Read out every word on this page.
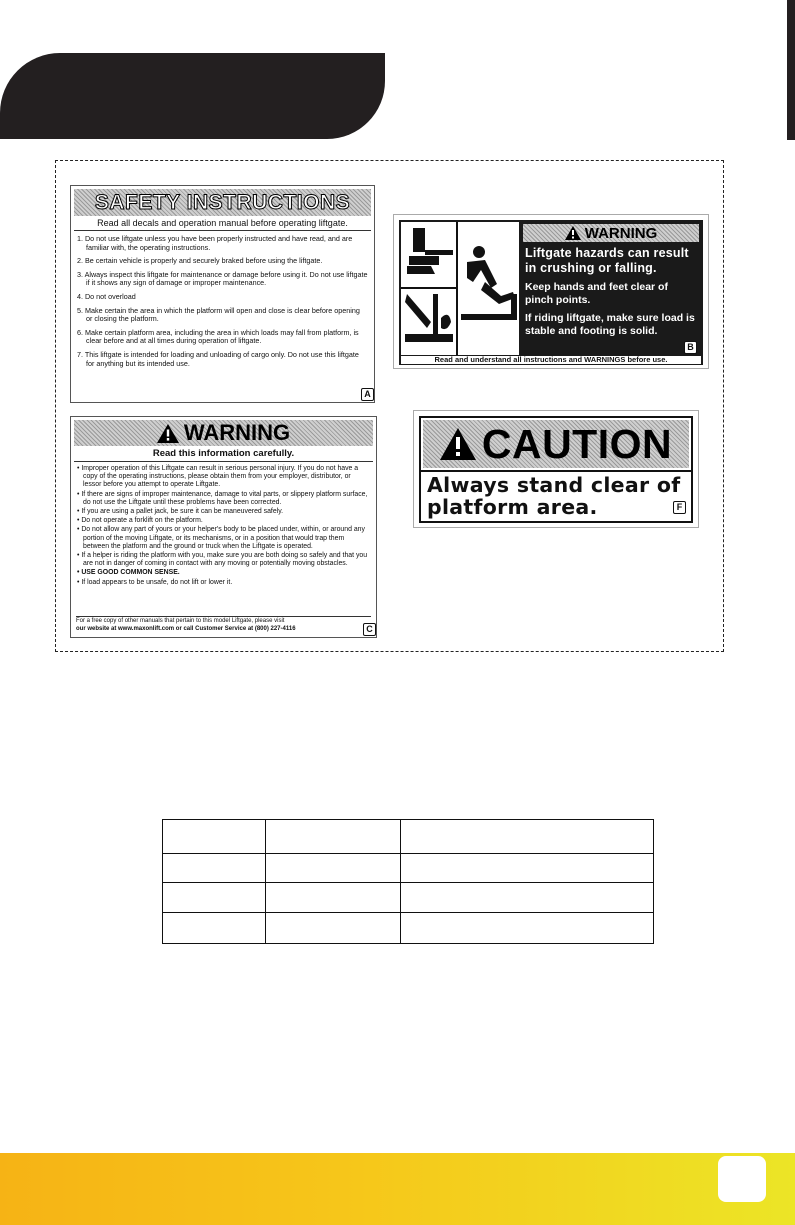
SAFETY INSTRUCTIONS
Read all decals and operation manual before operating liftgate.
1. Do not use liftgate unless you have been properly instructed and have read, and are familiar with, the operating instructions.
2. Be certain vehicle is properly and securely braked before using the liftgate.
3. Always inspect this liftgate for maintenance or damage before using it. Do not use liftgate if it shows any sign of damage or improper maintenance.
4. Do not overload
5. Make certain the area in which the platform will open and close is clear before opening or closing the platform.
6. Make certain platform area, including the area in which loads may fall from platform, is clear before and at all times during operation of liftgate.
7. This liftgate is intended for loading and unloading of cargo only. Do not use this liftgate for anything but its intended use.
A
WARNING
Liftgate hazards can result in crushing or falling.
Keep hands and feet clear of pinch points.
If riding liftgate, make sure load is stable and footing is solid.
B
Read and understand all instructions and WARNINGS before use.
WARNING
Read this information carefully.
• Improper operation of this Liftgate can result in serious personal injury. If you do not have a copy of the operating instructions, please obtain them from your employer, distributor, or lessor before you attempt to operate Liftgate.
• If there are signs of improper maintenance, damage to vital parts, or slippery platform surface, do not use the Liftgate until these problems have been corrected.
• If you are using a pallet jack, be sure it can be maneuvered safely.
• Do not operate a forklift on the platform.
• Do not allow any part of yours or your helper's body to be placed under, within, or around any portion of the moving Liftgate, or its mechanisms, or in a position that would trap them between the platform and the ground or truck when the Liftgate is operated.
• If a helper is riding the platform with you, make sure you are both doing so safely and that you are not in danger of coming in contact with any moving or potentially moving obstacles.
• USE GOOD COMMON SENSE.
• If load appears to be unsafe, do not lift or lower it.
For a free copy of other manuals that pertain to this model Liftgate, please visit
our website at www.maxonlift.com or call Customer Service at (800) 227-4116	C
CAUTION
Always stand clear of
platform area.	F
